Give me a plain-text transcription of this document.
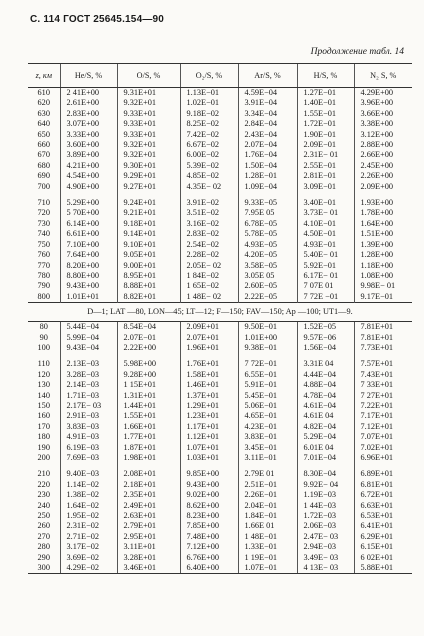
С. 114 ГОСТ 25645.154—90
Продолжение табл. 14
z, км	He/S, %	O/S, %	O₂/S, %	Ar/S, %	H/S, %	N₂ S, %
610	2 41E+00	9.31E+01	1.13E−01	4.59E−04	1.27E−01	4.29E+00
620	2.61E+00	9.32E+01	1.02E−01	3.91E−04	1.40E−01	3.96E+00
630	2.83E+00	9.33E+01	9.18E−02	3.34E−04	1.55E−01	3.66E+00
640	3.07E+00	9.33E+01	8.25E−02	2.84E−04	1.72E−01	3.38E+00
650	3.33E+00	9.33E+01	7.42E−02	2.43E−04	1.90E−01	3.12E+00
660	3.60E+00	9.32E+01	6.67E−02	2.07E−04	2.09E−01	2.88E+00
670	3.89E+00	9.32E+01	6.00E−02	1.76E−04	2.31E− 01	2.66E+00
680	4.21E+00	9.30E+01	5.39E−02	1.50E−04	2.55E−01	2.45E+00
690	4.54E+00	9.29E+01	4.85E−02	1.28E−01	2.81E−01	2.26E+00
700	4.90E+00	9.27E+01	4.35E− 02	1.09E−04	3.09E−01	2.09E+00

710	5.29E+00	9.24E+01	3.91E−02	9.33E−05	3.40E−01	1.93E+00
720	5 70E+00	9.21E+01	3.51E−02	7.95E 05	3.73E− 01	1.78E+00
730	6.14E+00	9.18E+01	3.16E−02	6.78E−05	4.10E−01	1.64E+00
740	6.61E+00	9.14E+01	2.83E−02	5.78E−05	4.50E−01	1.51E+00
750	7.10E+00	9.10E+01	2.54E−02	4.93E−05	4.93E−01	1.39E+00
760	7.64E+00	9.05E+01	2.28E−02	4.20E−05	5.40E− 01	1.28E+00
770	8.20E+00	9.00E+01	2.05E− 02	3.58E−05	5.92E−01	1.18E+00
780	8.80E+00	8.95E+01	1 84E−02	3.05E 05	6.17E− 01	1.08E+00
790	9.43E+00	8.88E+01	1 65E−02	2.60E−05	7 07E 01	9.98E− 01
800	1.01E+01	8.82E+01	1 48E− 02	2.22E−05	7 72E −01	9.17E−01
D—1; LAT —80, LON—45; LT—12; F—150; FAV—150; Ap —100; UT1—9.						
80	5.44E−04	8.54E−04	2.09E+01	9.50E−01	1.52E−05	7.81E+01
90	5.99E−04	2.07E−01	2.07E+01	1.01E+00	9.57E−06	7.81E+01
100	9.43E−04	2.22E+00	1.96E+01	9.38E−01	1.56E−04	7.73E+01

110	2.13E−03	5.98E+00	1.76E+01	7 72E−01	3.31E 04	7.57E+01
120	3.28E−03	9.28E+00	1.58E+01	6.55E−01	4.44E−04	7.43E+01
130	2.14E−03	1 15E+01	1.46E+01	5.91E−01	4.88E−04	7 33E+01
140	1.71E−03	1.31E+01	1.37E+01	5.45E−01	4.78E−04	7 27E+01
150	2.17E− 03	1.44E+01	1.29E+01	5.06E−01	4.61E−04	7.22E+01
160	2.91E−03	1.55E+01	1.23E+01	4.65E−01	4.61E 04	7.17E+01
170	3.83E−03	1.66E+01	1.17E+01	4.23E−01	4.82E−04	7.12E+01
180	4.91E−03	1.77E+01	1.12E+01	3.83E−01	5.29E−04	7.07E+01
190	6.19E−03	1.87E+01	1.07E+01	3.45E−01	6.01E 04	7.02E+01
200	7.69E−03	1.98E+01	1.03E+01	3.11E−01	7.01E−04	6.96E+01

210	9.40E−03	2.08E+01	9.85E+00	2.79E 01	8.30E−04	6.89E+01
220	1.14E−02	2.18E+01	9.43E+00	2.51E−01	9.92E− 04	6.81E+01
230	1.38E−02	2.35E+01	9.02E+00	2.26E−01	1.19E−03	6.72E+01
240	1.64E−02	2.49E+01	8.62E+00	2.04E−01	1 44E−03	6.63E+01
250	1.95E−02	2.63E+01	8.23E+00	1.84E−01	1.72E−03	6.53E+01
260	2.31E−02	2.79E+01	7.85E+00	1.66Е 01	2.06E−03	6.41E+01
270	2.71E−02	2.95E+01	7.48E+00	1 48E−01	2.47E− 03	6.29E+01
280	3.17E−02	3.11E+01	7.12E+00	1.33E−01	2.94E−03	6.15E+01
290	3.69E−02	3.28E+01	6.76E+00	1 19E−01	3.49E− 03	6 02E+01
300	4.29E−02	3.46E+01	6.40E+00	1.07E−01	4 13E− 03	5.88E+01
